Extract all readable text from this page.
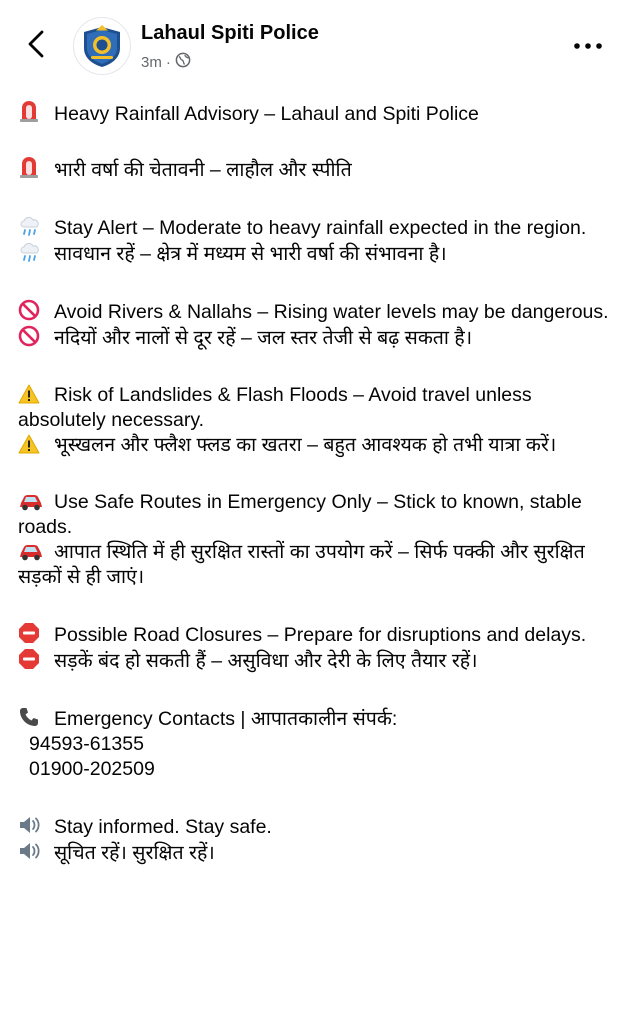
Lahaul Spiti Police
3m ·
Heavy Rainfall Advisory – Lahaul and Spiti Police
भारी वर्षा की चेतावनी – लाहौल और स्पीति
Stay Alert – Moderate to heavy rainfall expected in the region.
सावधान रहें – क्षेत्र में मध्यम से भारी वर्षा की संभावना है।
Avoid Rivers & Nallahs – Rising water levels may be dangerous.
नदियों और नालों से दूर रहें – जल स्तर तेजी से बढ़ सकता है।
Risk of Landslides & Flash Floods – Avoid travel unless absolutely necessary.
भूस्खलन और फ्लैश फ्लड का खतरा – बहुत आवश्यक हो तभी यात्रा करें।
Use Safe Routes in Emergency Only – Stick to known, stable roads.
आपात स्थिति में ही सुरक्षित रास्तों का उपयोग करें – सिर्फ पक्की और सुरक्षित सड़कों से ही जाएं।
Possible Road Closures – Prepare for disruptions and delays.
सड़कें बंद हो सकती हैं – असुविधा और देरी के लिए तैयार रहें।
Emergency Contacts | आपातकालीन संपर्क:
94593-61355
01900-202509
Stay informed. Stay safe.
सूचित रहें। सुरक्षित रहें।
